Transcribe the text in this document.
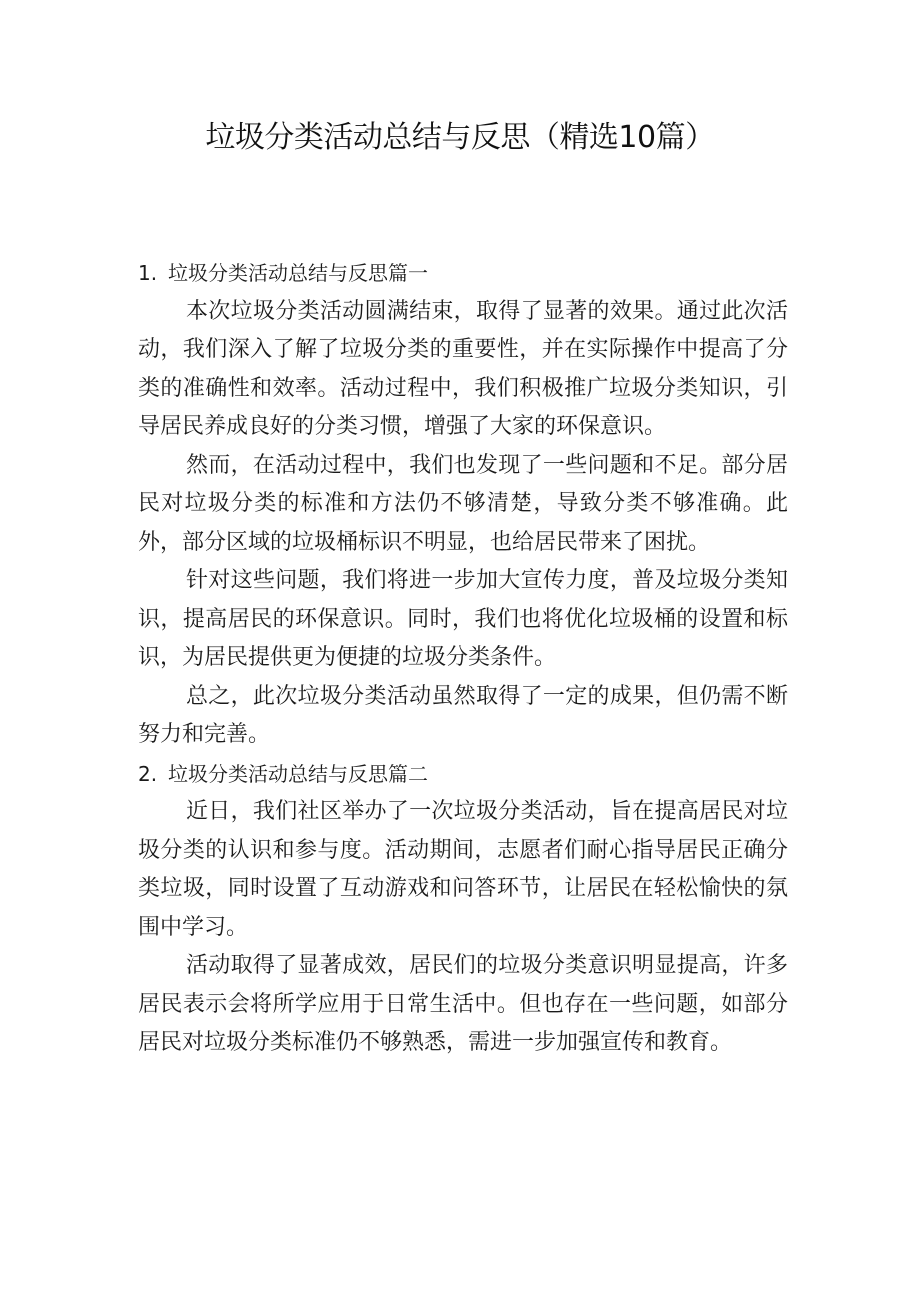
垃圾分类活动总结与反思（精选10篇）
1. 垃圾分类活动总结与反思篇一

本次垃圾分类活动圆满结束，取得了显著的效果。通过此次活动，我们深入了解了垃圾分类的重要性，并在实际操作中提高了分类的准确性和效率。活动过程中，我们积极推广垃圾分类知识，引导居民养成良好的分类习惯，增强了大家的环保意识。

然而，在活动过程中，我们也发现了一些问题和不足。部分居民对垃圾分类的标准和方法仍不够清楚，导致分类不够准确。此外，部分区域的垃圾桶标识不明显，也给居民带来了困扰。

针对这些问题，我们将进一步加大宣传力度，普及垃圾分类知识，提高居民的环保意识。同时，我们也将优化垃圾桶的设置和标识，为居民提供更为便捷的垃圾分类条件。

总之，此次垃圾分类活动虽然取得了一定的成果，但仍需不断努力和完善。

2. 垃圾分类活动总结与反思篇二

近日，我们社区举办了一次垃圾分类活动，旨在提高居民对垃圾分类的认识和参与度。活动期间，志愿者们耐心指导居民正确分类垃圾，同时设置了互动游戏和问答环节，让居民在轻松愉快的氛围中学习。

活动取得了显著成效，居民们的垃圾分类意识明显提高，许多居民表示会将所学应用于日常生活中。但也存在一些问题，如部分居民对垃圾分类标准仍不够熟悉，需进一步加强宣传和教育。
